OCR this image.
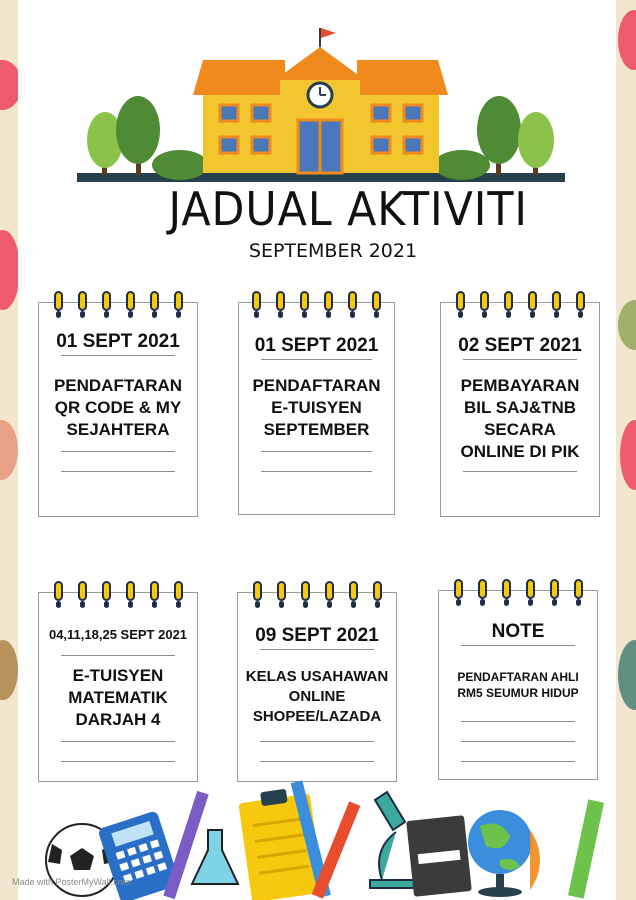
JADUAL AKTIVITI
SEPTEMBER 2021
01 SEPT 2021
PENDAFTARAN
QR CODE & MY
SEJAHTERA
01 SEPT 2021
PENDAFTARAN
E-TUISYEN
SEPTEMBER
02 SEPT 2021
PEMBAYARAN
BIL SAJ&TNB
SECARA
ONLINE DI PIK
04,11,18,25 SEPT 2021
E-TUISYEN
MATEMATIK
DARJAH 4
09 SEPT 2021
KELAS USAHAWAN
ONLINE
SHOPEE/LAZADA
NOTE
PENDAFTARAN AHLI
RM5 SEUMUR HIDUP
Made with PosterMyWall.com
